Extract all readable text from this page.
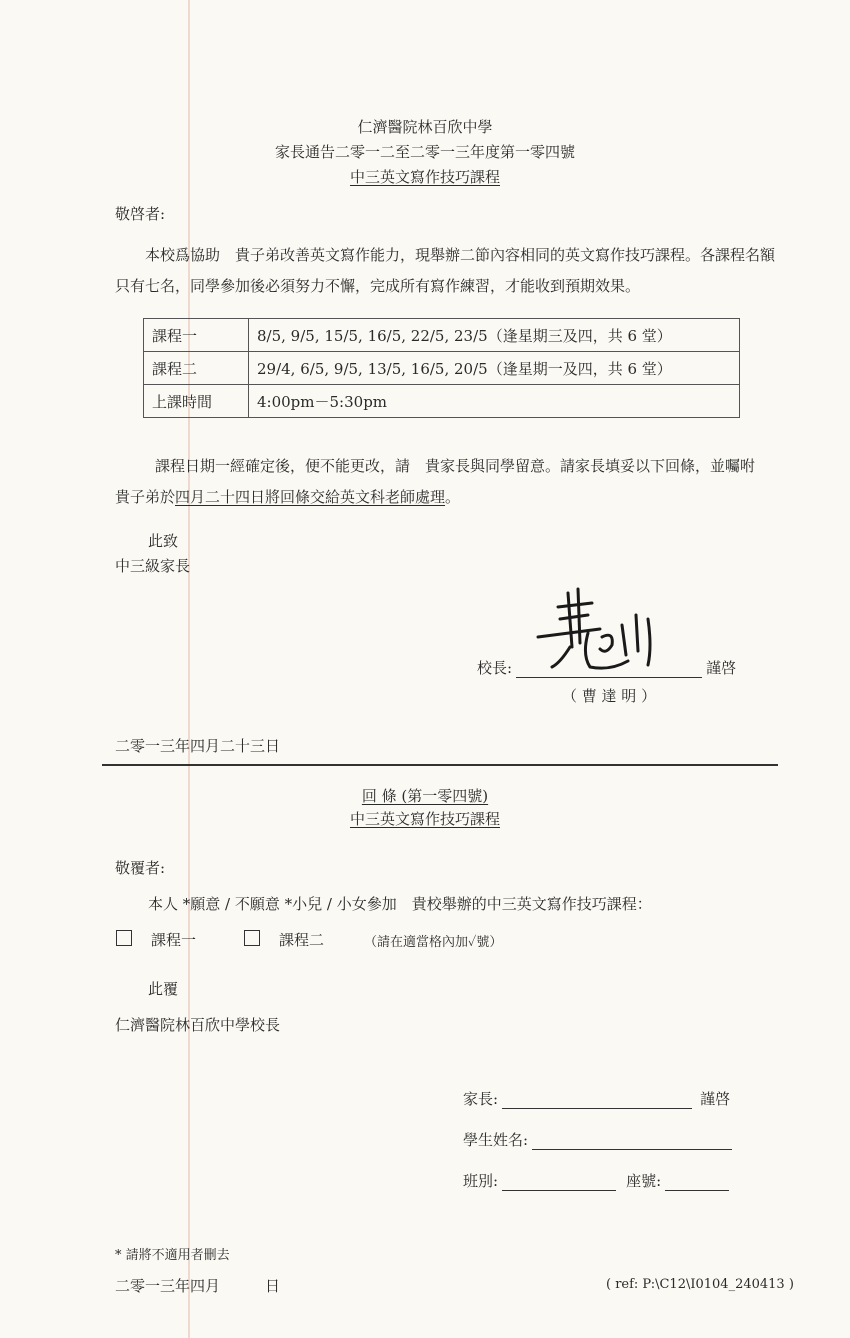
仁濟醫院林百欣中學
家長通告二零一二至二零一三年度第一零四號
中三英文寫作技巧課程
敬啓者:
本校爲協助　貴子弟改善英文寫作能力，現舉辦二節內容相同的英文寫作技巧課程。各課程名額只有七名，同學參加後必須努力不懈，完成所有寫作練習，才能收到預期效果。
課程一	8/5, 9/5, 15/5, 16/5, 22/5, 23/5（逢星期三及四，共 6 堂）
課程二	29/4, 6/5, 9/5, 13/5, 16/5, 20/5（逢星期一及四，共 6 堂）
上課時間	4:00pm－5:30pm
課程日期一經確定後，便不能更改，請　貴家長與同學留意。請家長填妥以下回條，並囑咐　貴子弟於四月二十四日將回條交給英文科老師處理。
此致
中三級家長
校長:	謹啓
（ 曹 達 明 ）
二零一三年四月二十三日
回 條 (第一零四號)
中三英文寫作技巧課程
敬覆者:
本人 *願意 / 不願意 *小兒 / 小女參加　貴校舉辦的中三英文寫作技巧課程：
課程一	課程二	（請在適當格內加✓號）
此覆
仁濟醫院林百欣中學校長
家長:	謹啓
學生姓名:
班別:	座號:
* 請將不適用者刪去
二零一三年四月　　　日	( ref: P:\C12\I0104_240413 )
